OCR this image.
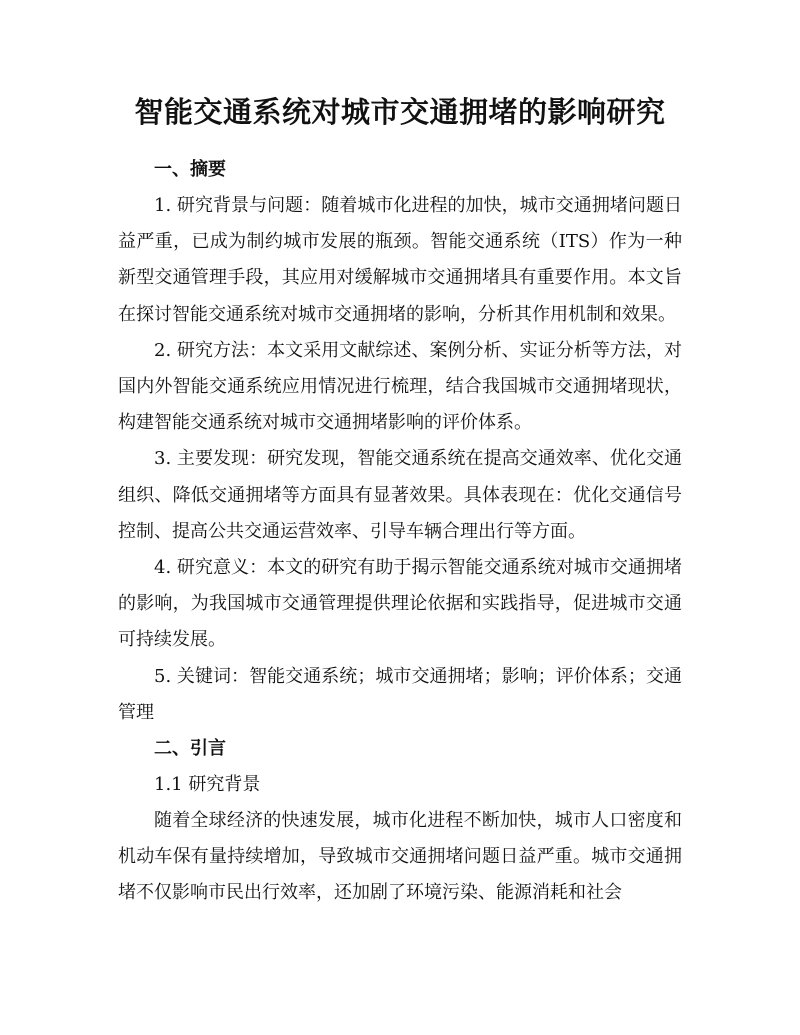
智能交通系统对城市交通拥堵的影响研究
一、摘要

1. 研究背景与问题：随着城市化进程的加快，城市交通拥堵问题日益严重，已成为制约城市发展的瓶颈。智能交通系统（ITS）作为一种新型交通管理手段，其应用对缓解城市交通拥堵具有重要作用。本文旨在探讨智能交通系统对城市交通拥堵的影响，分析其作用机制和效果。

2. 研究方法：本文采用文献综述、案例分析、实证分析等方法，对国内外智能交通系统应用情况进行梳理，结合我国城市交通拥堵现状，构建智能交通系统对城市交通拥堵影响的评价体系。

3. 主要发现：研究发现，智能交通系统在提高交通效率、优化交通组织、降低交通拥堵等方面具有显著效果。具体表现在：优化交通信号控制、提高公共交通运营效率、引导车辆合理出行等方面。

4. 研究意义：本文的研究有助于揭示智能交通系统对城市交通拥堵的影响，为我国城市交通管理提供理论依据和实践指导，促进城市交通可持续发展。

5. 关键词：智能交通系统；城市交通拥堵；影响；评价体系；交通管理

二、引言
1.1 研究背景

随着全球经济的快速发展，城市化进程不断加快，城市人口密度和机动车保有量持续增加，导致城市交通拥堵问题日益严重。城市交通拥堵不仅影响市民出行效率，还加剧了环境污染、能源消耗和社会
